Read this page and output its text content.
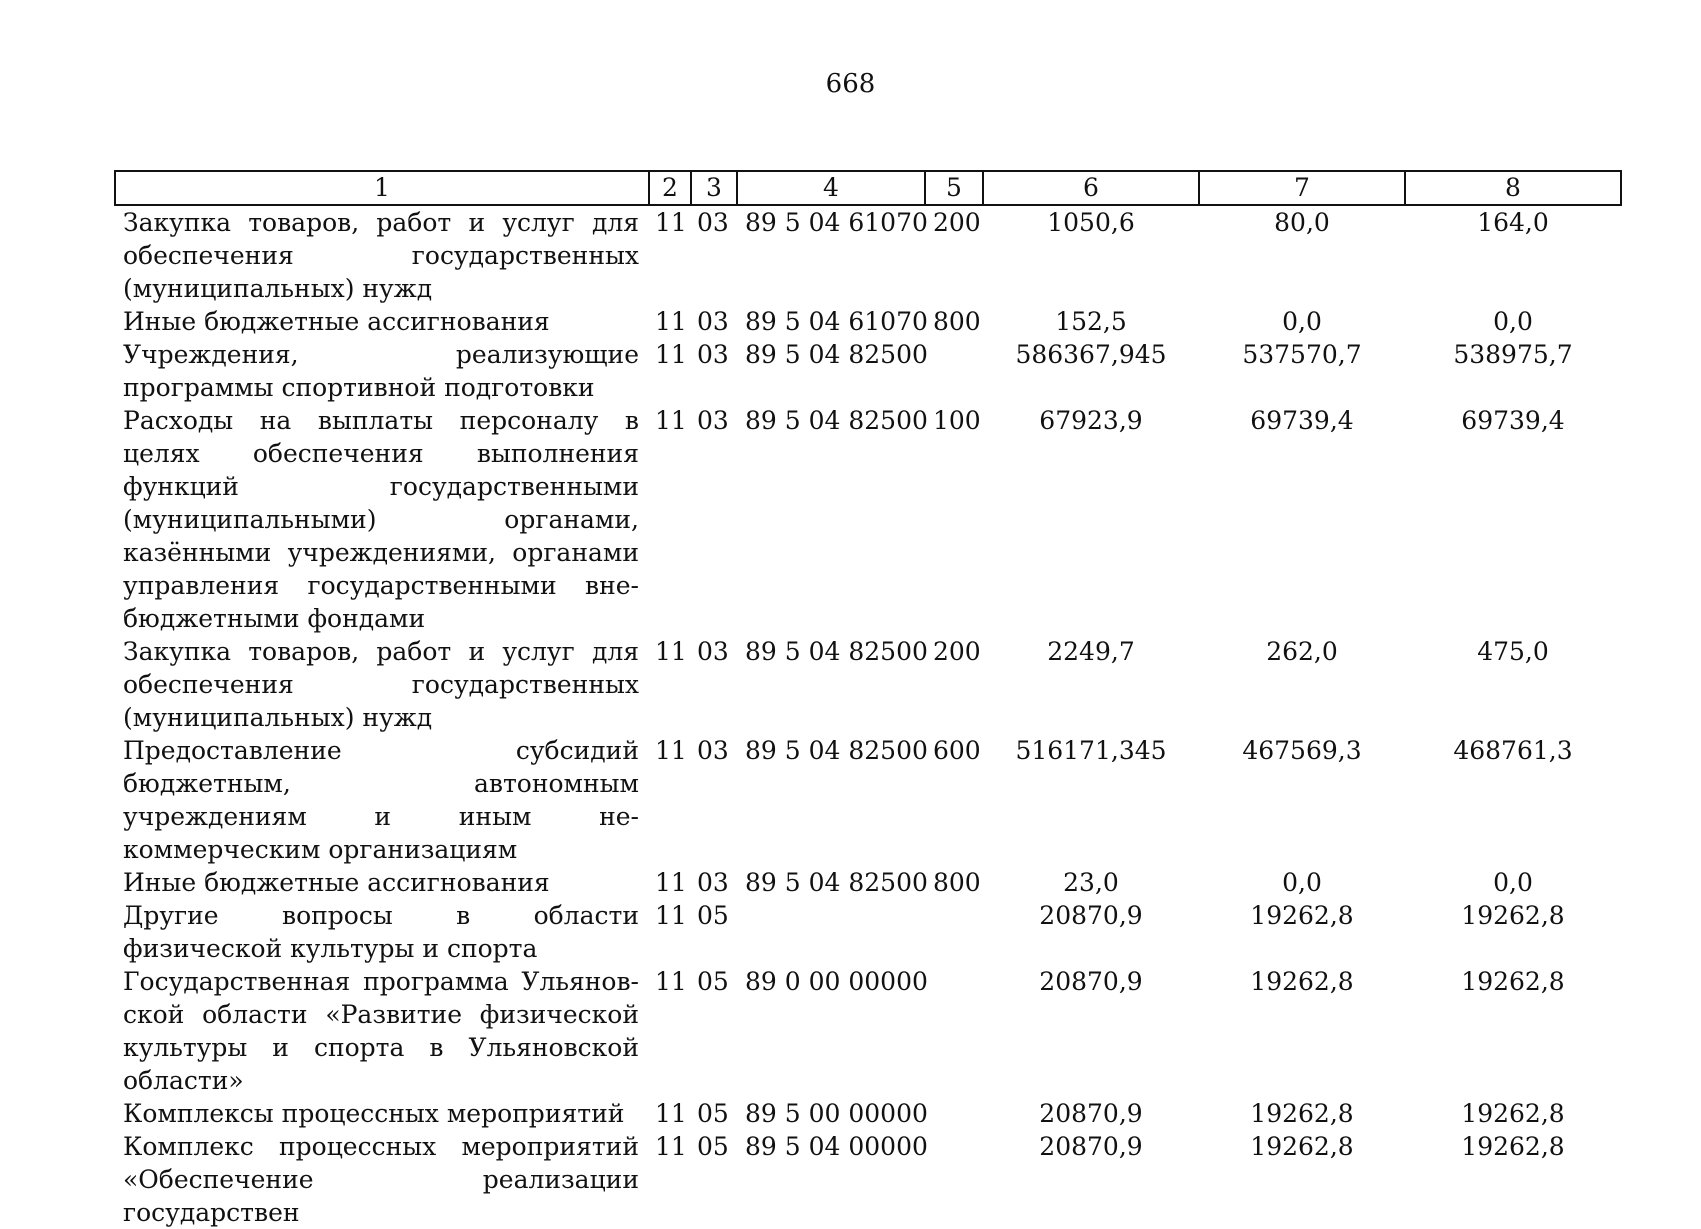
668
1	2	3	4	5	6	7	8
Закупка товаров, работ и услуг для обеспечения государственных (муниципальных) нужд	11	03	89 5 04 61070	200	1050,6	80,0	164,0
Иные бюджетные ассигнования	11	03	89 5 04 61070	800	152,5	0,0	0,0
Учреждения, реализующие программы спортивной подготовки	11	03	89 5 04 82500		586367,945	537570,7	538975,7
Расходы на выплаты персоналу в целях обеспечения выполнения функций государственными (муниципальными) органами, казёнными учреждениями, органами управления государственными внебюджетными фондами	11	03	89 5 04 82500	100	67923,9	69739,4	69739,4
Закупка товаров, работ и услуг для обеспечения государственных (муниципальных) нужд	11	03	89 5 04 82500	200	2249,7	262,0	475,0
Предоставление субсидий бюджетным, автономным учреждениям и иным некоммерческим организациям	11	03	89 5 04 82500	600	516171,345	467569,3	468761,3
Иные бюджетные ассигнования	11	03	89 5 04 82500	800	23,0	0,0	0,0
Другие вопросы в области физической культуры и спорта	11	05			20870,9	19262,8	19262,8
Государственная программа Ульяновской области «Развитие физической культуры и спорта в Ульяновской области»	11	05	89 0 00 00000		20870,9	19262,8	19262,8
Комплексы процессных мероприятий	11	05	89 5 00 00000		20870,9	19262,8	19262,8
Комплекс процессных мероприятий «Обеспечение реализации государствен	11	05	89 5 04 00000		20870,9	19262,8	19262,8
